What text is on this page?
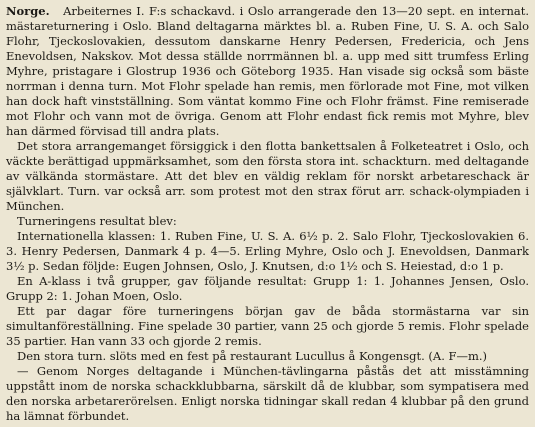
Norge. Arbeiternes I. F:s schackavd. i Oslo arrangerade den 13—20 sept. en internat. mästareturnering i Oslo. Bland deltagarna märktes bl. a. Ruben Fine, U. S. A. och Salo Flohr, Tjeckoslovakien, dessutom danskarne Henry Pedersen, Fredericia, och Jens Enevoldsen, Nakskov. Mot dessa ställde norrmännen bl. a. upp med sitt trumfess Erling Myhre, pristagare i Glostrup 1936 och Göteborg 1935. Han visade sig också som bäste norrman i denna turn. Mot Flohr spelade han remis, men förlorade mot Fine, mot vilken han dock haft vinstställning. Som väntat kommo Fine och Flohr främst. Fine remiserade mot Flohr och vann mot de övriga. Genom att Flohr endast fick remis mot Myhre, blev han därmed förvisad till andra plats.

Det stora arrangemanget försiggick i den flotta bankettsalen å Folketeatret i Oslo, och väckte berättigad uppmärksamhet, som den första stora int. schackturn. med deltagande av välkända stormästare. Att det blev en väldig reklam för norskt arbetareschack är självklart. Turn. var också arr. som protest mot den strax förut arr. schack-olympiaden i München.

Turneringens resultat blev:

Internationella klassen: 1. Ruben Fine, U. S. A. 6½ p. 2. Salo Flohr, Tjeckoslovakien 6. 3. Henry Pedersen, Danmark 4 p. 4—5. Erling Myhre, Oslo och J. Enevoldsen, Danmark 3½ p. Sedan följde: Eugen Johnsen, Oslo, J. Knutsen, d:o 1½ och S. Heiestad, d:o 1 p.

En A-klass i två grupper, gav följande resultat: Grupp 1: 1. Johannes Jensen, Oslo. Grupp 2: 1. Johan Moen, Oslo.

Ett par dagar före turneringens början gav de båda stormästarna var sin simultanföreställning. Fine spelade 30 partier, vann 25 och gjorde 5 remis. Flohr spelade 35 partier. Han vann 33 och gjorde 2 remis.

Den stora turn. slöts med en fest på restaurant Lucullus å Kongensgt. (A. F—m.)

— Genom Norges deltagande i München-tävlingarna påstås det att misstämning uppstått inom de norska schackklubbarna, särskilt då de klubbar, som sympatisera med den norska arbetarerörelsen. Enligt norska tidningar skall redan 4 klubbar på den grund ha lämnat förbundet.
